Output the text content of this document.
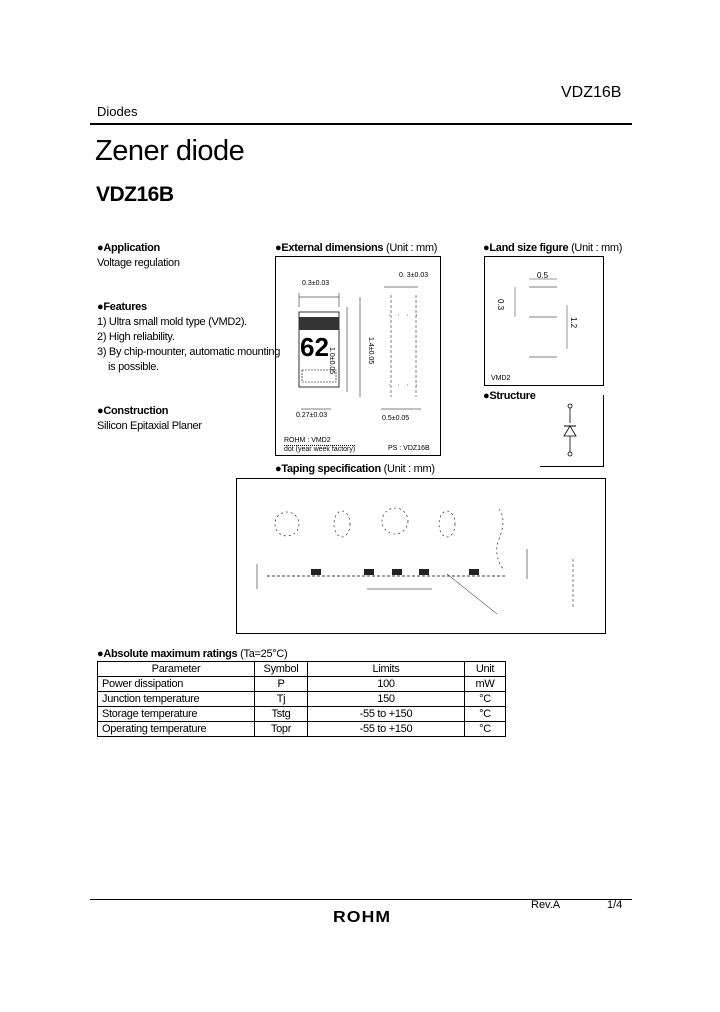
Diodes
VDZ16B
Zener diode
VDZ16B
●Application
Voltage regulation
●Features
1) Ultra small mold type (VMD2).
2) High reliability.
3) By chip-mounter, automatic mounting
is possible.
●Construction
Silicon Epitaxial Planer
●External dimensions (Unit : mm)
62
0.3±0.03
0. 3±0.03
1.0±0.05	1.4±0.05
0.27±0.03	0.5±0.05
ROHM : VMD2
dot (year week factory)	PS : VDZ16B
●Land size figure (Unit : mm)
0.5
0.3
1.2
VMD2
●Structure
●Taping specification (Unit : mm)
●Absolute maximum ratings (Ta=25°C)
Parameter	Symbol	Limits	Unit
Power dissipation	P	100	mW
Junction temperature	Tj	150	°C
Storage temperature	Tstg	-55 to +150	°C
Operating temperature	Topr	-55 to +150	°C
Rev.A	1/4
ROHM
